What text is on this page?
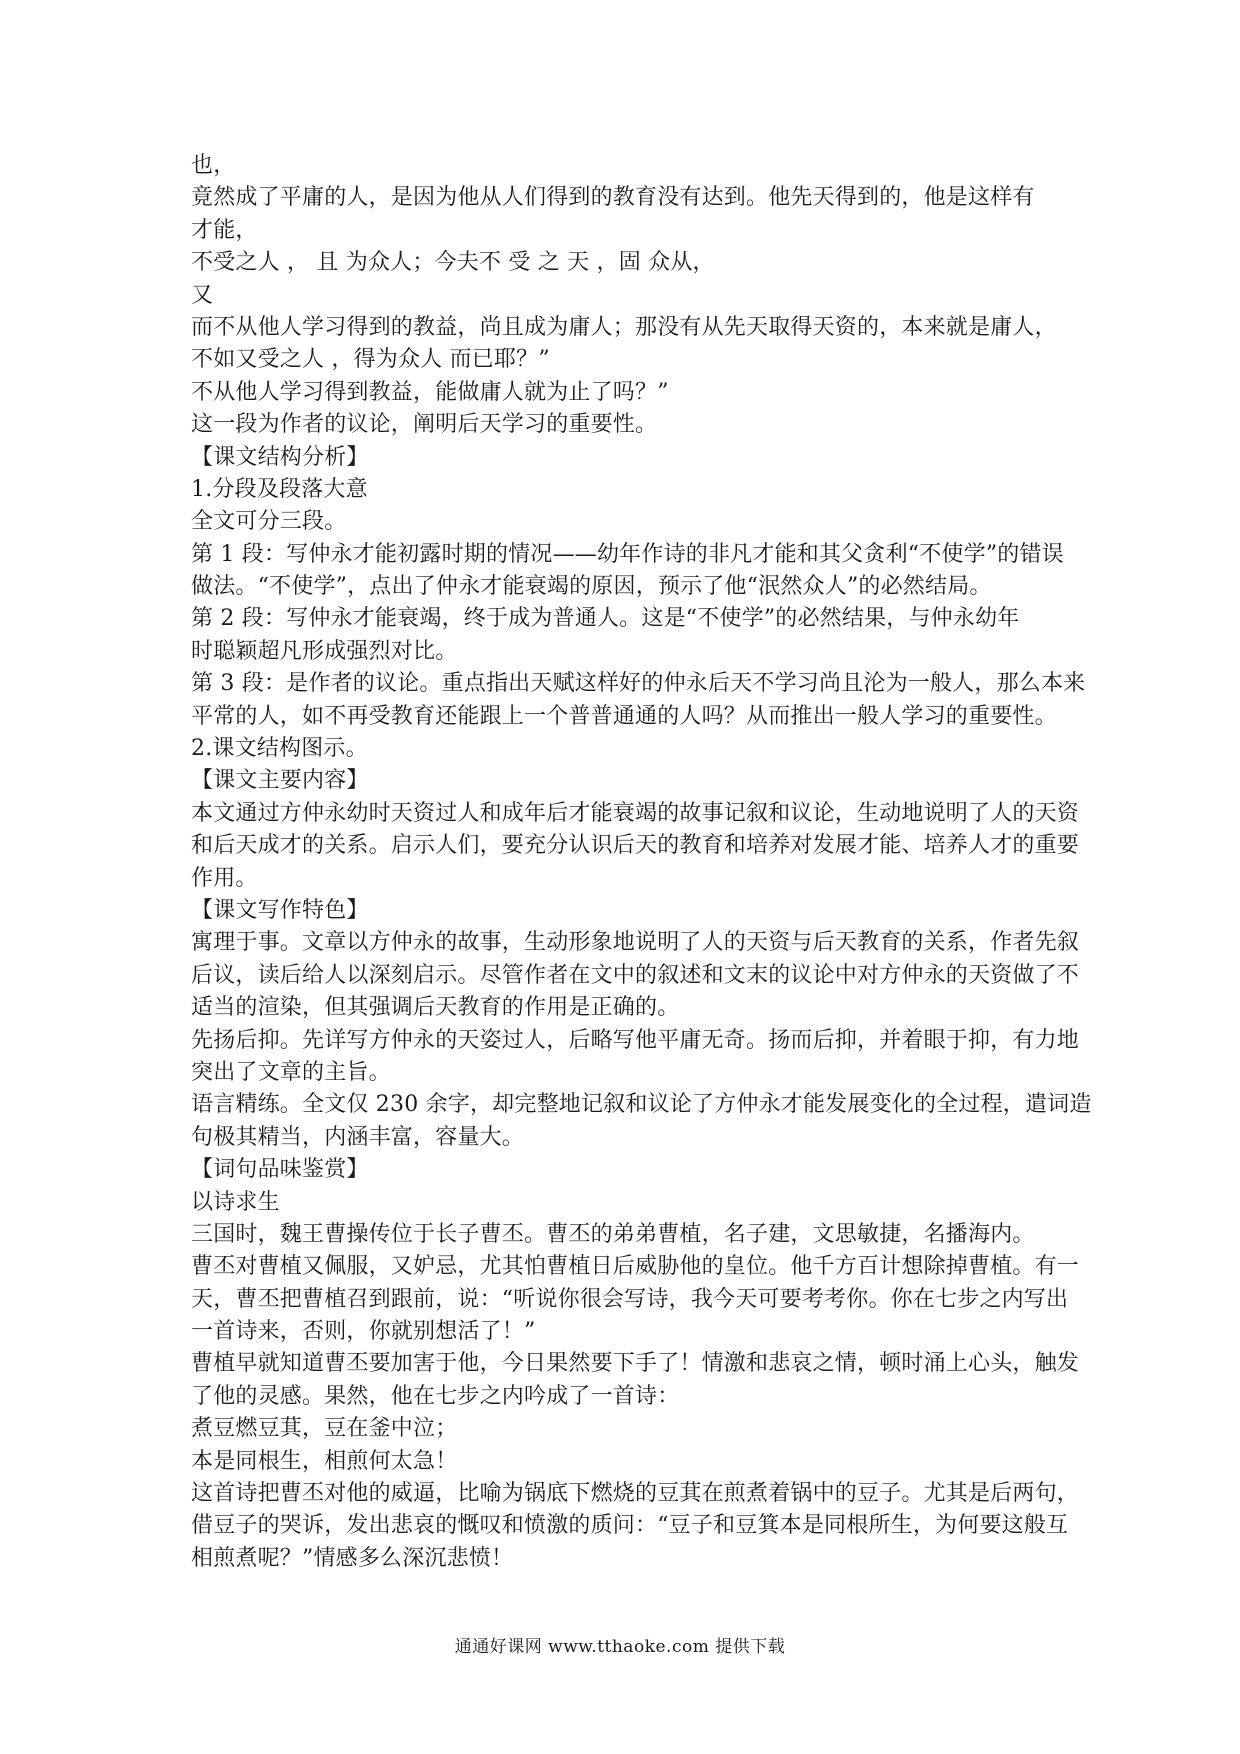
也，
竟然成了平庸的人，是因为他从人们得到的教育没有达到。他先天得到的，他是这样有
才能，
不受之人 ， 且 为众人；今夫不 受 之 天 ，固 众从，
又
而不从他人学习得到的教益，尚且成为庸人；那没有从先天取得天资的，本来就是庸人，
不如又受之人 ，得为众人 而已耶？”
不从他人学习得到教益，能做庸人就为止了吗？”
这一段为作者的议论，阐明后天学习的重要性。
【课文结构分析】
1.分段及段落大意
全文可分三段。
第 1 段：写仲永才能初露时期的情况——幼年作诗的非凡才能和其父贪利“不使学”的错误
做法。“不使学”，点出了仲永才能衰竭的原因，预示了他“泯然众人”的必然结局。
第 2 段：写仲永才能衰竭，终于成为普通人。这是“不使学”的必然结果，与仲永幼年
时聪颖超凡形成强烈对比。
第 3 段：是作者的议论。重点指出天赋这样好的仲永后天不学习尚且沦为一般人，那么本来
平常的人，如不再受教育还能跟上一个普普通通的人吗？从而推出一般人学习的重要性。
2.课文结构图示。
【课文主要内容】
本文通过方仲永幼时天资过人和成年后才能衰竭的故事记叙和议论，生动地说明了人的天资
和后天成才的关系。启示人们，要充分认识后天的教育和培养对发展才能、培养人才的重要
作用。
【课文写作特色】
寓理于事。文章以方仲永的故事，生动形象地说明了人的天资与后天教育的关系，作者先叙
后议，读后给人以深刻启示。尽管作者在文中的叙述和文末的议论中对方仲永的天资做了不
适当的渲染，但其强调后天教育的作用是正确的。
先扬后抑。先详写方仲永的天姿过人，后略写他平庸无奇。扬而后抑，并着眼于抑，有力地
突出了文章的主旨。
语言精练。全文仅 230 余字，却完整地记叙和议论了方仲永才能发展变化的全过程，遣词造
句极其精当，内涵丰富，容量大。
【词句品味鉴赏】
以诗求生
三国时，魏王曹操传位于长子曹丕。曹丕的弟弟曹植，名子建，文思敏捷，名播海内。
曹丕对曹植又佩服，又妒忌，尤其怕曹植日后威胁他的皇位。他千方百计想除掉曹植。有一
天，曹丕把曹植召到跟前，说：“听说你很会写诗，我今天可要考考你。你在七步之内写出
一首诗来，否则，你就别想活了！”
曹植早就知道曹丕要加害于他，今日果然要下手了！情激和悲哀之情，顿时涌上心头，触发
了他的灵感。果然，他在七步之内吟成了一首诗：
煮豆燃豆萁，豆在釜中泣；
本是同根生，相煎何太急！
这首诗把曹丕对他的威逼，比喻为锅底下燃烧的豆萁在煎煮着锅中的豆子。尤其是后两句，
借豆子的哭诉，发出悲哀的慨叹和愤激的质问：“豆子和豆箕本是同根所生，为何要这般互
相煎煮呢？”情感多么深沉悲愤！
通通好课网 www.tthaoke.com 提供下载
